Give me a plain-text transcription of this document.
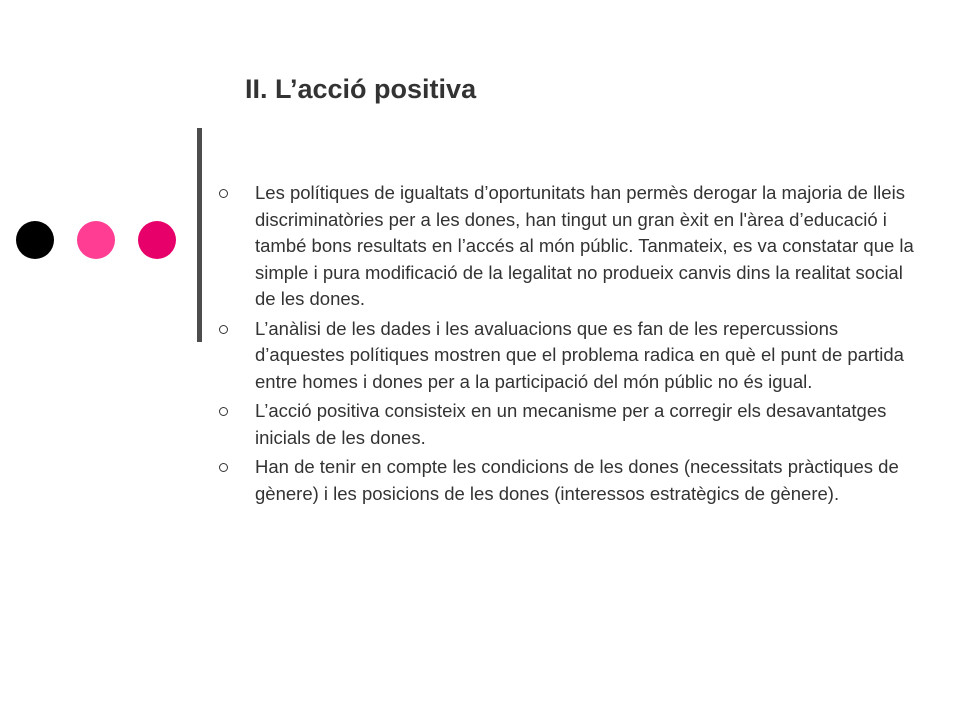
II. L’acció positiva
Les polítiques de igualtats d’oportunitats han permès derogar la majoria de lleis discriminatòries per a les dones, han tingut un gran èxit en l'àrea d’educació i també bons resultats en l’accés al món públic. Tanmateix, es va constatar que la simple i pura modificació de la legalitat no produeix canvis dins la realitat social de les dones.
L’anàlisi de les dades i les avaluacions que es fan de les repercussions d’aquestes polítiques mostren que el problema radica en què el punt de partida entre homes i dones per a la participació del món públic no és igual.
L’acció positiva consisteix en un mecanisme per a corregir els desavantatges inicials de les dones.
Han de tenir en compte les condicions de les dones (necessitats pràctiques de gènere) i les posicions de les dones (interessos estratègics de gènere).
